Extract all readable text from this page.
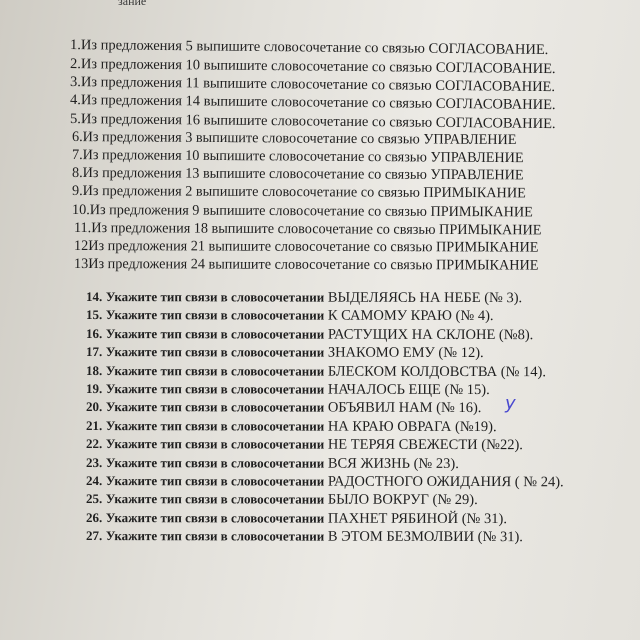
зание
1.Из предложения 5 выпишите словосочетание со связью СОГЛАСОВАНИЕ.
2.Из предложения 10 выпишите словосочетание со связью СОГЛАСОВАНИЕ.
3.Из предложения 11 выпишите словосочетание со связью СОГЛАСОВАНИЕ.
4.Из предложения 14 выпишите словосочетание со связью СОГЛАСОВАНИЕ.
5.Из предложения 16 выпишите словосочетание со связью СОГЛАСОВАНИЕ.
6.Из предложения 3 выпишите словосочетание со связью УПРАВЛЕНИЕ
7.Из предложения 10 выпишите словосочетание со связью УПРАВЛЕНИЕ
8.Из предложения 13 выпишите словосочетание со связью УПРАВЛЕНИЕ
9.Из предложения 2 выпишите словосочетание со связью ПРИМЫКАНИЕ
10.Из предложения 9 выпишите словосочетание со связью ПРИМЫКАНИЕ
11.Из предложения 18 выпишите словосочетание со связью ПРИМЫКАНИЕ
12Из предложения 21 выпишите словосочетание со связью ПРИМЫКАНИЕ
13Из предложения 24 выпишите словосочетание со связью ПРИМЫКАНИЕ
14. Укажите тип связи в словосочетании ВЫДЕЛЯЯСЬ НА НЕБЕ (№ 3).
15. Укажите тип связи в словосочетании К САМОМУ КРАЮ (№ 4).
16. Укажите тип связи в словосочетании РАСТУЩИХ НА СКЛОНЕ (№8).
17. Укажите тип связи в словосочетании ЗНАКОМО ЕМУ (№ 12).
18. Укажите тип связи в словосочетании БЛЕСКОМ КОЛДОВСТВА (№ 14).
19. Укажите тип связи в словосочетании НАЧАЛОСЬ ЕЩЕ (№ 15).
20. Укажите тип связи в словосочетании ОБЪЯВИЛ НАМ (№ 16).
21. Укажите тип связи в словосочетании НА КРАЮ ОВРАГА (№19).
22. Укажите тип связи в словосочетании НЕ ТЕРЯЯ СВЕЖЕСТИ (№22).
23. Укажите тип связи в словосочетании ВСЯ ЖИЗНЬ (№ 23).
24. Укажите тип связи в словосочетании РАДОСТНОГО ОЖИДАНИЯ ( № 24).
25. Укажите тип связи в словосочетании БЫЛО ВОКРУГ (№ 29).
26. Укажите тип связи в словосочетании ПАХНЕТ РЯБИНОЙ (№ 31).
27. Укажите тип связи в словосочетании В ЭТОМ БЕЗМОЛВИИ (№ 31).
у
